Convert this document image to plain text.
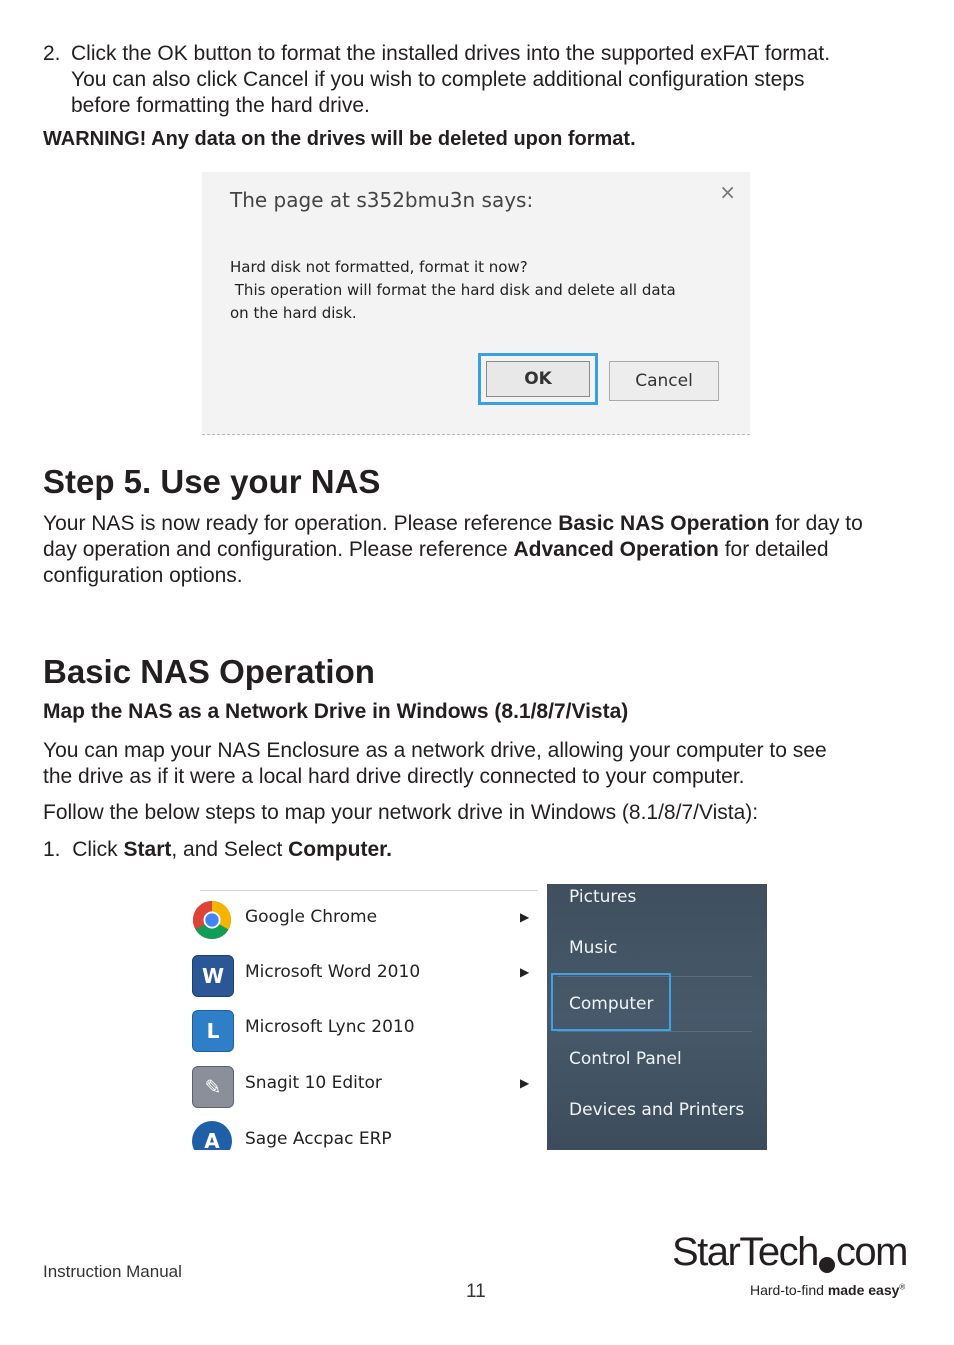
2. Click the OK button to format the installed drives into the supported exFAT format.
You can also click Cancel if you wish to complete additional configuration steps
before formatting the hard drive.
WARNING! Any data on the drives will be deleted upon format.
The page at s352bmu3n says:	×
Hard disk not formatted, format it now?
This operation will format the hard disk and delete all data
on the hard disk.
OK	Cancel
Step 5. Use your NAS
Your NAS is now ready for operation. Please reference Basic NAS Operation for day to
day operation and configuration. Please reference Advanced Operation for detailed
configuration options.
Basic NAS Operation
Map the NAS as a Network Drive in Windows (8.1/8/7/Vista)
You can map your NAS Enclosure as a network drive, allowing your computer to see
the drive as if it were a local hard drive directly connected to your computer.
Follow the below steps to map your network drive in Windows (8.1/8/7/Vista):
1. Click Start, and Select Computer.
Google Chrome	▶
W	Microsoft Word 2010	▶
L	Microsoft Lync 2010
✎	Snagit 10 Editor	▶
A	Sage Accpac ERP
Pictures
Music
Computer
Control Panel
Devices and Printers
Instruction Manual
11
StarTech com
Hard-to-find made easy®
